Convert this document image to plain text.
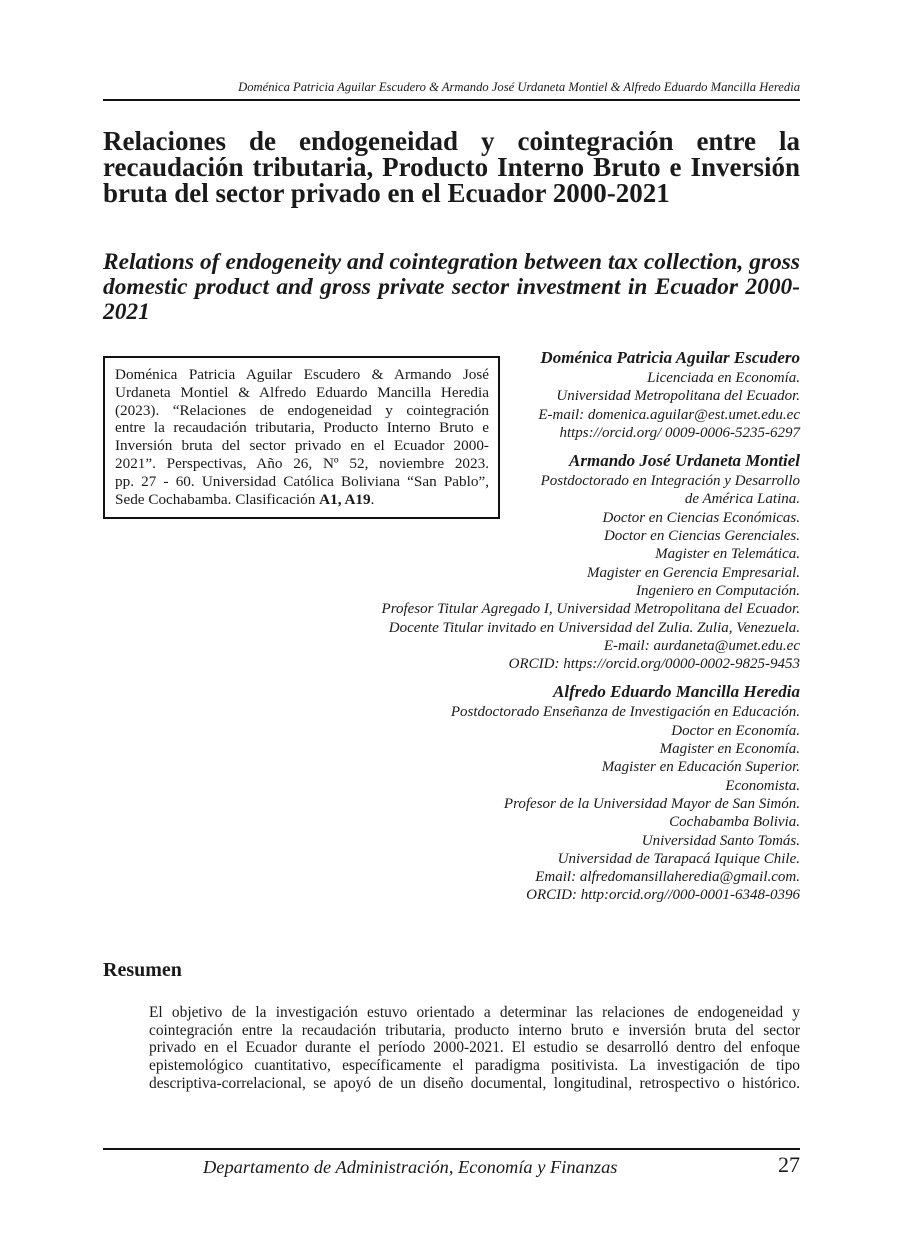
Doménica Patricia Aguilar Escudero & Armando José Urdaneta Montiel & Alfredo Eduardo Mancilla Heredia
Relaciones de endogeneidad y cointegración entre la recaudación tributaria, Producto Interno Bruto e Inversión bruta del sector privado en el Ecuador 2000-2021
Relations of endogeneity and cointegration between tax collection, gross domestic product and gross private sector investment in Ecuador 2000-2021
Doménica Patricia Aguilar Escudero & Armando José
Urdaneta Montiel & Alfredo Eduardo Mancilla Heredia
(2023). “Relaciones de endogeneidad y cointegración
entre la recaudación tributaria, Producto Interno Bruto e
Inversión bruta del sector privado en el Ecuador 2000-
2021”. Perspectivas, Año 26, Nº 52, noviembre 2023.
pp. 27 - 60. Universidad Católica Boliviana “San Pablo”,
Sede Cochabamba. Clasificación A1, A19.

Doménica Patricia Aguilar Escudero

Licenciada en Economía.

Universidad Metropolitana del Ecuador.

E-mail: domenica.aguilar@est.umet.edu.ec

https://orcid.org/ 0009-0006-5235-6297

Armando José Urdaneta Montiel

Postdoctorado en Integración y Desarrollo

de América Latina.

Doctor en Ciencias Económicas.

Doctor en Ciencias Gerenciales.

Magister en Telemática.

Magister en Gerencia Empresarial.

Ingeniero en Computación.

Profesor Titular Agregado I, Universidad Metropolitana del Ecuador.

Docente Titular invitado en Universidad del Zulia. Zulia, Venezuela.

E-mail: aurdaneta@umet.edu.ec

ORCID: https://orcid.org/0000-0002-9825-9453

Alfredo Eduardo Mancilla Heredia

Postdoctorado Enseñanza de Investigación en Educación.

Doctor en Economía.

Magister en Economía.

Magister en Educación Superior.

Economista.

Profesor de la Universidad Mayor de San Simón.

Cochabamba Bolivia.

Universidad Santo Tomás.

Universidad de Tarapacá Iquique Chile.

Email: alfredomansillaheredia@gmail.com.

ORCID: http:orcid.org//000-0001-6348-0396

Resumen

El objetivo de la investigación estuvo orientado a determinar las relaciones de endogeneidad y
cointegración entre la recaudación tributaria, producto interno bruto e inversión bruta del sector
privado en el Ecuador durante el período 2000-2021. El estudio se desarrolló dentro del enfoque
epistemológico cuantitativo, específicamente el paradigma positivista. La investigación de tipo
descriptiva-correlacional, se apoyó de un diseño documental, longitudinal, retrospectivo o histórico.

Departamento de Administración, Economía y Finanzas	27
